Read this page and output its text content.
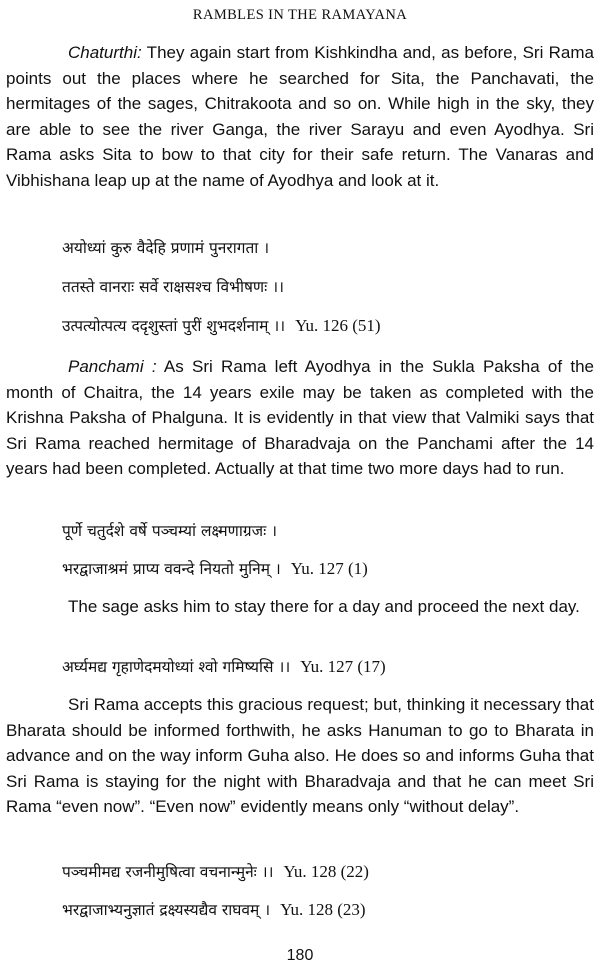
RAMBLES IN THE RAMAYANA

Chaturthi: They again start from Kishkindha and, as before, Sri Rama points out the places where he searched for Sita, the Panchavati, the hermitages of the sages, Chitrakoota and so on. While high in the sky, they are able to see the river Ganga, the river Sarayu and even Ayodhya. Sri Rama asks Sita to bow to that city for their safe return. The Vanaras and Vibhishana leap up at the name of Ayodhya and look at it.

अयोध्यां कुरु वैदेहि प्रणामं पुनरागता ।
ततस्ते वानराः सर्वे राक्षसश्च विभीषणः ।।
उत्पत्योत्पत्य ददृशुस्तां पुरीं शुभदर्शनाम् ।। Yu. 126 (51)

Panchami : As Sri Rama left Ayodhya in the Sukla Paksha of the month of Chaitra, the 14 years exile may be taken as completed with the Krishna Paksha of Phalguna. It is evidently in that view that Valmiki says that Sri Rama reached hermitage of Bharadvaja on the Panchami after the 14 years had been completed. Actually at that time two more days had to run.

पूर्णे चतुर्दशे वर्षे पञ्चम्यां लक्ष्मणाग्रजः ।
भरद्वाजाश्रमं प्राप्य ववन्दे नियतो मुनिम् । Yu. 127 (1)

The sage asks him to stay there for a day and proceed the next day.

अर्घ्यमद्य गृहाणेदमयोध्यां श्वो गमिष्यसि ।। Yu. 127 (17)

Sri Rama accepts this gracious request; but, thinking it necessary that Bharata should be informed forthwith, he asks Hanuman to go to Bharata in advance and on the way inform Guha also. He does so and informs Guha that Sri Rama is staying for the night with Bharadvaja and that he can meet Sri Rama “even now”. “Even now” evidently means only “without delay”.

पञ्चमीमद्य रजनीमुषित्वा वचनान्मुनेः ।। Yu. 128 (22)
भरद्वाजाभ्यनुज्ञातं द्रक्ष्यस्यद्यैव राघवम् । Yu. 128 (23)
180
